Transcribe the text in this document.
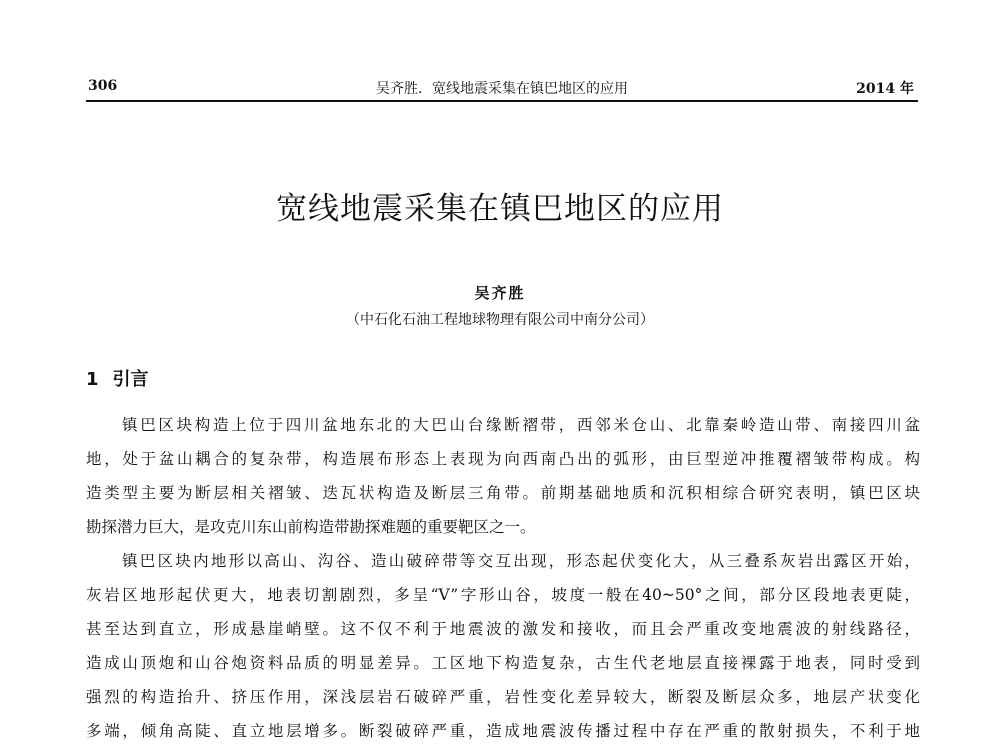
306	吴齐胜．宽线地震采集在镇巴地区的应用	2014 年
宽线地震采集在镇巴地区的应用
吴齐胜
（中石化石油工程地球物理有限公司中南分公司）
1 引言
镇巴区块构造上位于四川盆地东北的大巴山台缘断褶带，西邻米仓山、北靠秦岭造山带、南接四川盆
地，处于盆山耦合的复杂带，构造展布形态上表现为向西南凸出的弧形，由巨型逆冲推覆褶皱带构成。构
造类型主要为断层相关褶皱、迭瓦状构造及断层三角带。前期基础地质和沉积相综合研究表明，镇巴区块
勘探潜力巨大，是攻克川东山前构造带勘探难题的重要靶区之一。
镇巴区块内地形以高山、沟谷、造山破碎带等交互出现，形态起伏变化大，从三叠系灰岩出露区开始，
灰岩区地形起伏更大，地表切割剧烈，多呈“V”字形山谷，坡度一般在40~50°之间，部分区段地表更陡，
甚至达到直立，形成悬崖峭壁。这不仅不利于地震波的激发和接收，而且会严重改变地震波的射线路径，
造成山顶炮和山谷炮资料品质的明显差异。工区地下构造复杂，古生代老地层直接裸露于地表，同时受到
强烈的构造抬升、挤压作用，深浅层岩石破碎严重，岩性变化差异较大，断裂及断层众多，地层产状变化
多端，倾角高陡、直立地层增多。断裂破碎严重，造成地震波传播过程中存在严重的散射损失，不利于地
